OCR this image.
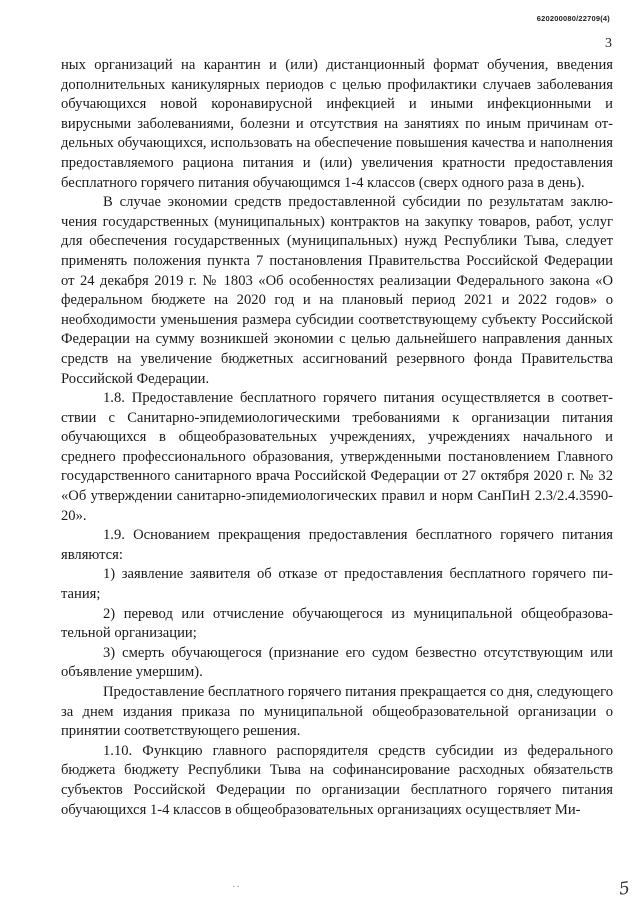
620200080/22709(4)
3

ных организаций на карантин и (или) дистанционный формат обучения, введения дополнительных каникулярных периодов с целью профилактики случаев заболевания обучающихся новой коронавирусной инфекцией и иными инфекционными и вирусными заболеваниями, болезни и отсутствия на занятиях по иным причинам отдельных обучающихся, использовать на обеспечение повышения качества и наполнения предоставляемого рациона питания и (или) увеличения кратности предоставления бесплатного горячего питания обучающимся 1-4 классов (сверх одного раза в день).

В случае экономии средств предоставленной субсидии по результатам заключения государственных (муниципальных) контрактов на закупку товаров, работ, услуг для обеспечения государственных (муниципальных) нужд Республики Тыва, следует применять положения пункта 7 постановления Правительства Российской Федерации от 24 декабря 2019 г. № 1803 «Об особенностях реализации Федерального закона «О федеральном бюджете на 2020 год и на плановый период 2021 и 2022 годов» о необходимости уменьшения размера субсидии соответствующему субъекту Российской Федерации на сумму возникшей экономии с целью дальнейшего направления данных средств на увеличение бюджетных ассигнований резервного фонда Правительства Российской Федерации.

1.8. Предоставление бесплатного горячего питания осуществляется в соответствии с Санитарно-эпидемиологическими требованиями к организации питания обучающихся в общеобразовательных учреждениях, учреждениях начального и среднего профессионального образования, утвержденными постановлением Главного государственного санитарного врача Российской Федерации от 27 октября 2020 г. № 32 «Об утверждении санитарно-эпидемиологических правил и норм СанПиН 2.3/2.4.3590-20».

1.9. Основанием прекращения предоставления бесплатного горячего питания являются:

1) заявление заявителя об отказе от предоставления бесплатного горячего питания;

2) перевод или отчисление обучающегося из муниципальной общеобразовательной организации;

3) смерть обучающегося (признание его судом безвестно отсутствующим или объявление умершим).

Предоставление бесплатного горячего питания прекращается со дня, следующего за днем издания приказа по муниципальной общеобразовательной организации о принятии соответствующего решения.

1.10. Функцию главного распорядителя средств субсидии из федерального бюджета бюджету Республики Тыва на софинансирование расходных обязательств субъектов Российской Федерации по организации бесплатного горячего питания обучающихся 1-4 классов в общеобразовательных организациях осуществляет Ми-

··	5
